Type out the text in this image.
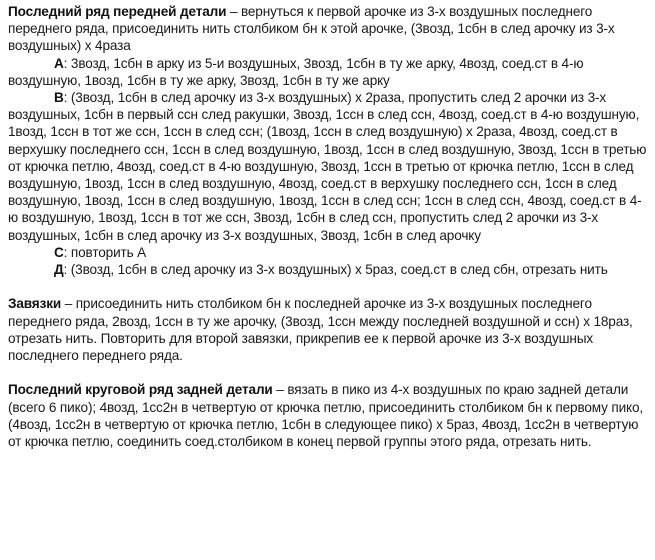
Последний ряд передней детали – вернуться к первой арочке из 3-х воздушных последнего переднего ряда, присоединить нить столбиком бн к этой арочке, (3возд, 1сбн в след арочку из 3-х воздушных) х 4раза

А: 3возд, 1сбн в арку из 5-и воздушных, 3возд, 1сбн в ту же арку, 4возд, соед.ст в 4-ю воздушную, 1возд, 1сбн в ту же арку, 3возд, 1сбн в ту же арку

В: (3возд, 1сбн в след арочку из 3-х воздушных) х 2раза, пропустить след 2 арочки из 3-х воздушных, 1сбн в первый ссн след ракушки, 3возд, 1ссн в след ссн, 4возд, соед.ст в 4-ю воздушную, 1возд, 1ссн в тот же ссн, 1ссн в след ссн; (1возд, 1ссн в след воздушную) х 2раза, 4возд, соед.ст в верхушку последнего ссн, 1ссн в след воздушную, 1возд, 1ссн в след воздушную, 3возд, 1ссн в третью от крючка петлю, 4возд, соед.ст в 4-ю воздушную, 3возд, 1ссн в третью от крючка петлю, 1ссн в след воздушную, 1возд, 1ссн в след воздушную, 4возд, соед.ст в верхушку последнего ссн, 1ссн в след воздушную, 1возд, 1ссн в след воздушную, 1возд, 1ссн в след ссн; 1ссн в след ссн, 4возд, соед.ст в 4-ю воздушную, 1возд, 1ссн в тот же ссн, 3возд, 1сбн в след ссн, пропустить след 2 арочки из 3-х воздушных, 1сбн в след арочку из 3-х воздушных, 3возд, 1сбн в след арочку

С: повторить А

Д: (3возд, 1сбн в след арочку из 3-х воздушных) х 5раз, соед.ст в след сбн, отрезать нить

Завязки – присоединить нить столбиком бн к последней арочке из 3-х воздушных последнего переднего ряда, 2возд, 1ссн в ту же арочку, (3возд, 1ссн между последней воздушной и ссн) х 18раз, отрезать нить. Повторить для второй завязки, прикрепив ее к первой арочке из 3-х воздушных последнего переднего ряда.

Последний круговой ряд задней детали – вязать в пико из 4-х воздушных по краю задней детали (всего 6 пико); 4возд, 1сс2н в четвертую от крючка петлю, присоединить столбиком бн к первому пико, (4возд, 1сс2н в четвертую от крючка петлю, 1сбн в следующее пико) х 5раз, 4возд, 1сс2н в четвертую от крючка петлю, соединить соед.столбиком в конец первой группы этого ряда, отрезать нить.
